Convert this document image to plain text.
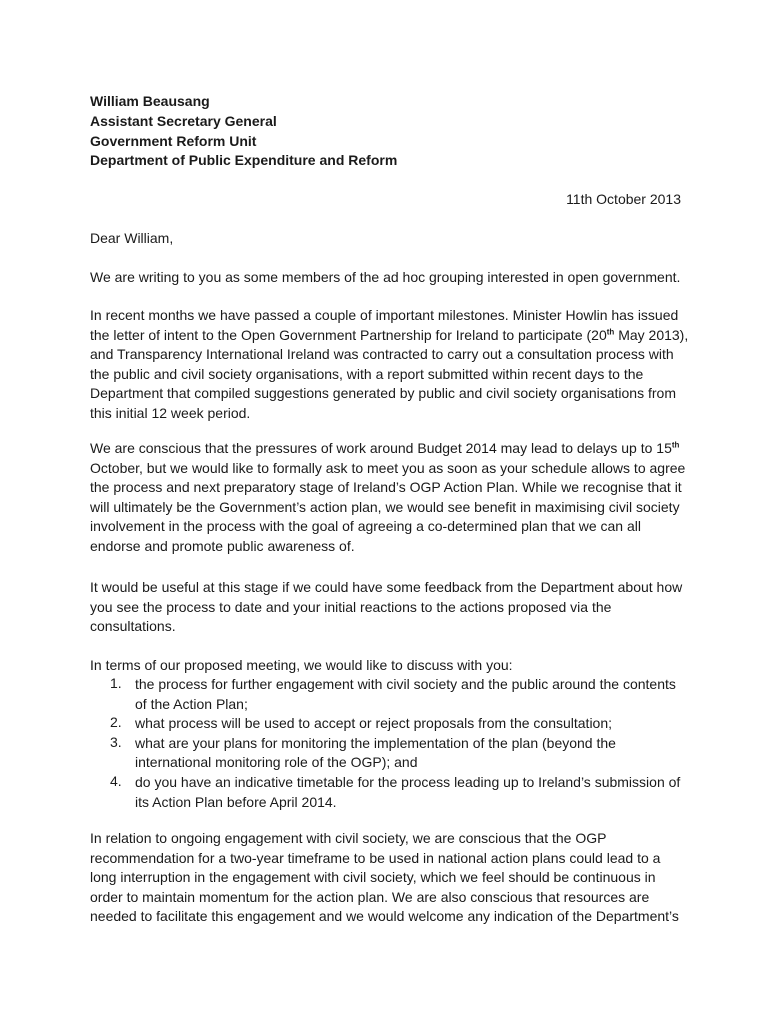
William Beausang
Assistant Secretary General
Government Reform Unit
Department of Public Expenditure and Reform
11th October 2013
Dear William,
We are writing to you as some members of the ad hoc grouping interested in open government.
In recent months we have passed a couple of important milestones. Minister Howlin has issued
the letter of intent to the Open Government Partnership for Ireland to participate (20th May 2013),
and Transparency International Ireland was contracted to carry out a consultation process with
the public and civil society organisations, with a report submitted within recent days to the
Department that compiled suggestions generated by public and civil society organisations from
this initial 12 week period.
We are conscious that the pressures of work around Budget 2014 may lead to delays up to 15th
October, but we would like to formally ask to meet you as soon as your schedule allows to agree
the process and next preparatory stage of Ireland’s OGP Action Plan. While we recognise that it
will ultimately be the Government’s action plan, we would see benefit in maximising civil society
involvement in the process with the goal of agreeing a co-determined plan that we can all
endorse and promote public awareness of.
It would be useful at this stage if we could have some feedback from the Department about how
you see the process to date and your initial reactions to the actions proposed via the
consultations.
In terms of our proposed meeting, we would like to discuss with you:
1. the process for further engagement with civil society and the public around the contents
of the Action Plan;
2. what process will be used to accept or reject proposals from the consultation;
3. what are your plans for monitoring the implementation of the plan (beyond the
international monitoring role of the OGP); and
4. do you have an indicative timetable for the process leading up to Ireland’s submission of
its Action Plan before April 2014.
In relation to ongoing engagement with civil society, we are conscious that the OGP
recommendation for a two-year timeframe to be used in national action plans could lead to a
long interruption in the engagement with civil society, which we feel should be continuous in
order to maintain momentum for the action plan. We are also conscious that resources are
needed to facilitate this engagement and we would welcome any indication of the Department’s
